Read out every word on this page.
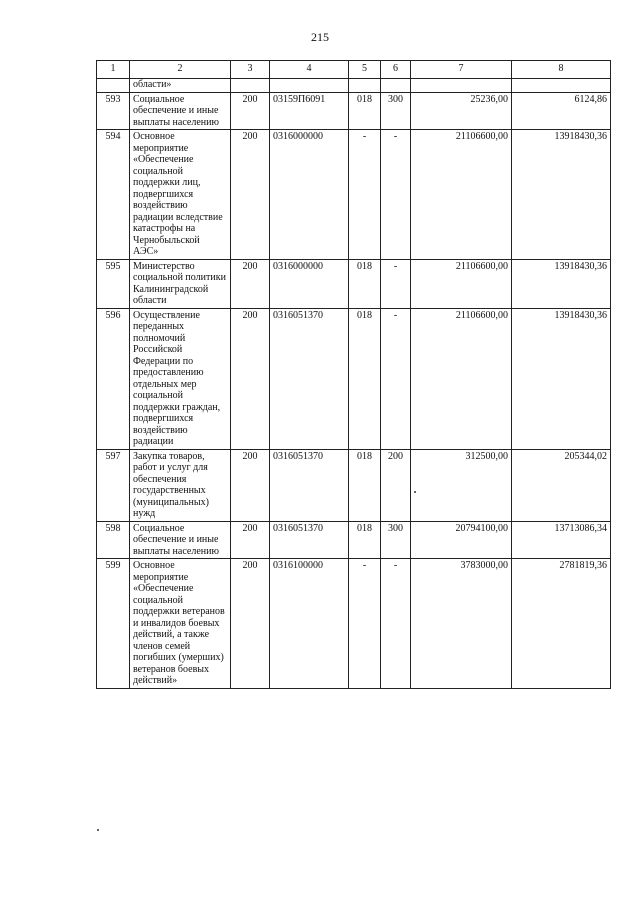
215
1	2	3	4	5	6	7	8
	области»						
593	Социальное обеспечение и иные выплаты населению	200	03159П6091	018	300	25236,00	6124,86
594	Основное мероприятие «Обеспечение социальной поддержки лиц, подвергшихся воздействию радиации вследствие катастрофы на Чернобыльской АЭС»	200	0316000000	-	-	21106600,00	13918430,36
595	Министерство социальной политики Калининградской области	200	0316000000	018	-	21106600,00	13918430,36
596	Осуществление переданных полномочий Российской Федерации по предоставлению отдельных мер социальной поддержки граждан, подвергшихся воздействию радиации	200	0316051370	018	-	21106600,00	13918430,36
597	Закупка товаров, работ и услуг для обеспечения государственных (муниципальных) нужд	200	0316051370	018	200	312500,00	205344,02
598	Социальное обеспечение и иные выплаты населению	200	0316051370	018	300	20794100,00	13713086,34
599	Основное мероприятие «Обеспечение социальной поддержки ветеранов и инвалидов боевых действий, а также членов семей погибших (умерших) ветеранов боевых действий»	200	0316100000	-	-	3783000,00	2781819,36
